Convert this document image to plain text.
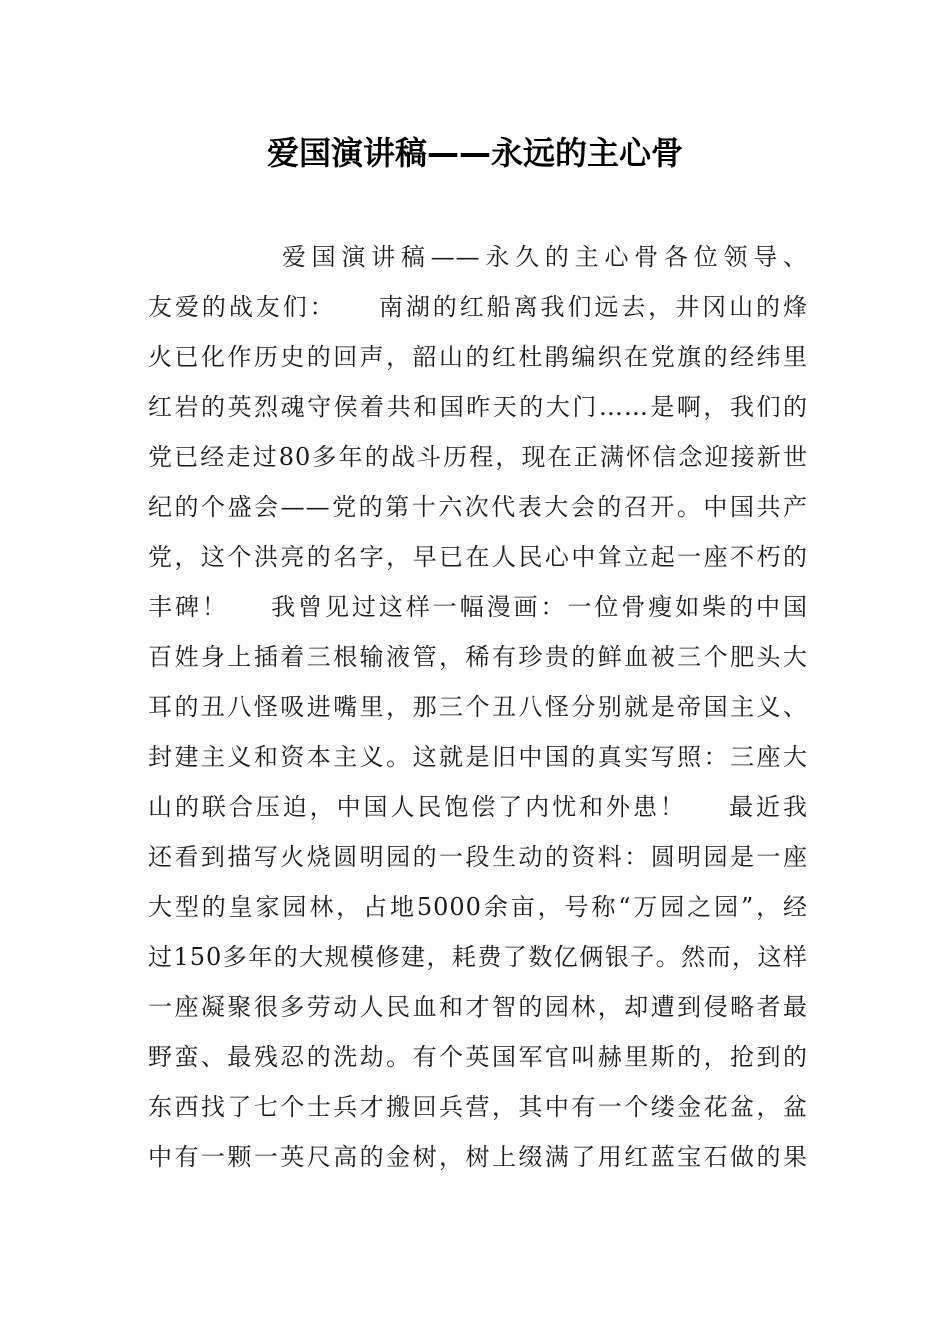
爱国演讲稿——永远的主心骨
爱国演讲稿——永久的主心骨各位领导、
友爱的战友们：    南湖的红船离我们远去，井冈山的烽
火已化作历史的回声，韶山的红杜鹃编织在党旗的经纬里
红岩的英烈魂守侯着共和国昨天的大门……是啊，我们的
党已经走过80多年的战斗历程，现在正满怀信念迎接新世
纪的个盛会——党的第十六次代表大会的召开。中国共产
党，这个洪亮的名字，早已在人民心中耸立起一座不朽的
丰碑！    我曾见过这样一幅漫画：一位骨瘦如柴的中国
百姓身上插着三根输液管，稀有珍贵的鲜血被三个肥头大
耳的丑八怪吸进嘴里，那三个丑八怪分别就是帝国主义、
封建主义和资本主义。这就是旧中国的真实写照：三座大
山的联合压迫，中国人民饱偿了内忧和外患！    最近我
还看到描写火烧圆明园的一段生动的资料：圆明园是一座
大型的皇家园林，占地5000余亩，号称“万园之园”，经
过150多年的大规模修建，耗费了数亿俩银子。然而，这样
一座凝聚很多劳动人民血和才智的园林，却遭到侵略者最
野蛮、最残忍的洗劫。有个英国军官叫赫里斯的，抢到的
东西找了七个士兵才搬回兵营，其中有一个缕金花盆，盆
中有一颗一英尺高的金树，树上缀满了用红蓝宝石做的果
